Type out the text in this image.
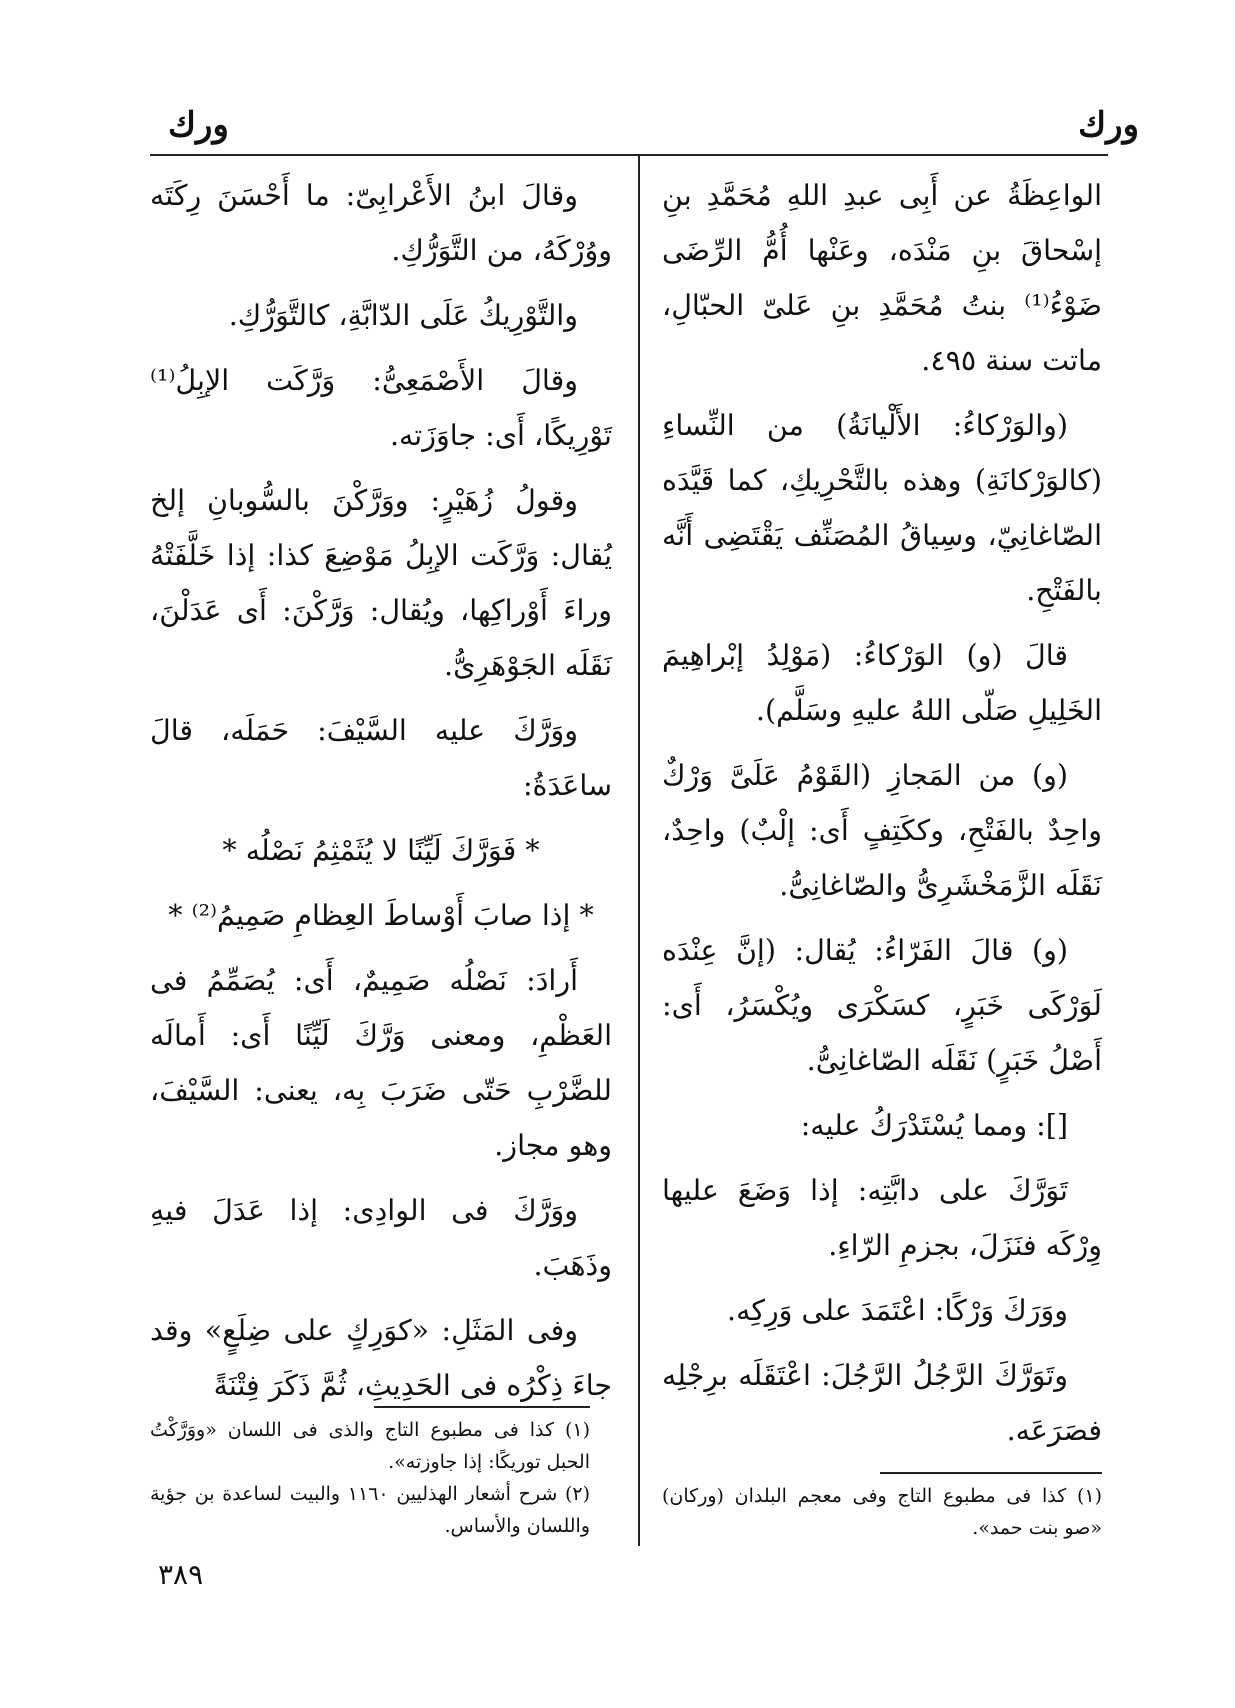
ورك
ورك

الواعِظَةُ عن أَبِى عبدِ اللهِ مُحَمَّدِ بنِ إسْحاقَ بنِ مَنْدَه، وعَنْها أُمُّ الرِّضَى ضَوْءُ⁽¹⁾ بنتُ مُحَمَّدِ بنِ عَلىّ الحبّالِ، ماتت سنة ٤٩٥.

(والوَرْكاءُ: الأَلْيانَةُ) من النِّساءِ (كالوَرْكانَةِ) وهذه بالتَّحْرِيكِ، كما قَيَّدَه الصّاغانِيّ، وسِياقُ المُصَنِّف يَقْتَضِى أَنَّه بالفَتْحِ.

قالَ (و) الوَرْكاءُ: (مَوْلِدُ إبْراهِيمَ الخَلِيلِ صَلّى اللهُ عليهِ وسَلَّم).

(و) من المَجازِ (القَوْمُ عَلَىَّ وَرْكٌ واحِدٌ بالفَتْحِ، وككَتِفٍ أَى: إلْبٌ) واحِدٌ، نَقَلَه الزَّمَخْشَرِىُّ والصّاغانِىُّ.

(و) قالَ الفَرّاءُ: يُقال: (إنَّ عِنْدَه لَوَرْكَى خَبَرٍ، كسَكْرَى ويُكْسَرُ، أَى: أَصْلُ خَبَرٍ) نَقَلَه الصّاغانِىُّ.

[]: ومما يُسْتَدْرَكُ عليه:

تَوَرَّكَ على دابَّتِه: إذا وَضَعَ عليها وِرْكَه فنَزَلَ، بجزمِ الرّاءِ.

ووَرَكَ وَرْكًا: اعْتَمَدَ على وَرِكِه.

وتَوَرَّكَ الرَّجُلُ الرَّجُلَ: اعْتَقَلَه برِجْلِه فصَرَعَه.

وقالَ ابنُ الأَعْرابِىّ: ما أَحْسَنَ رِكَتَه ووُرْكَهُ، من التَّوَرُّكِ.

والتَّوْرِيكُ عَلَى الدّابَّةِ، كالتَّوَرُّكِ.

وقالَ الأَصْمَعِىُّ: وَرَّكَت الإبِلُ⁽¹⁾ تَوْرِيكًا، أَى: جاوَزَته.

وقولُ زُهَيْرٍ: ووَرَّكْنَ بالسُّوبانِ إلخ يُقال: وَرَّكَت الإبِلُ مَوْضِعَ كذا: إذا خَلَّفَتْهُ وراءَ أَوْراكِها، ويُقال: وَرَّكْنَ: أَى عَدَلْنَ، نَقَلَه الجَوْهَرِىُّ.

ووَرَّكَ عليه السَّيْفَ: حَمَلَه، قالَ ساعَدَةُ:

* فَوَرَّكَ لَيِّنًا لا يُثَمْثِمُ نَصْلُه *

* إذا صابَ أَوْساطَ العِظامِ صَمِيمُ⁽²⁾ *

أَرادَ: نَصْلُه صَمِيمٌ، أَى: يُصَمِّمُ فى العَظْمِ، ومعنى وَرَّكَ لَيِّنًا أَى: أَمالَه للضَّرْبِ حَتّى ضَرَبَ بِه، يعنى: السَّيْفَ، وهو مجاز.

ووَرَّكَ فى الوادِى: إذا عَدَلَ فيهِ وذَهَبَ.

وفى المَثَلِ: «كوَرِكٍ على ضِلَعٍ» وقد جاءَ ذِكْرُه فى الحَدِيثِ، ثُمَّ ذَكَرَ فِتْنَةً

(١) كذا فى مطبوع التاج وفى معجم البلدان (وركان) «صو بنت حمد».

(١) كذا فى مطبوع التاج والذى فى اللسان «ووَرَّكْتُ الحبل توريكًا: إذا جاوزته».

(٢) شرح أشعار الهذليين ١١٦٠ والبيت لساعدة بن جؤية واللسان والأساس.

٣٨٩
